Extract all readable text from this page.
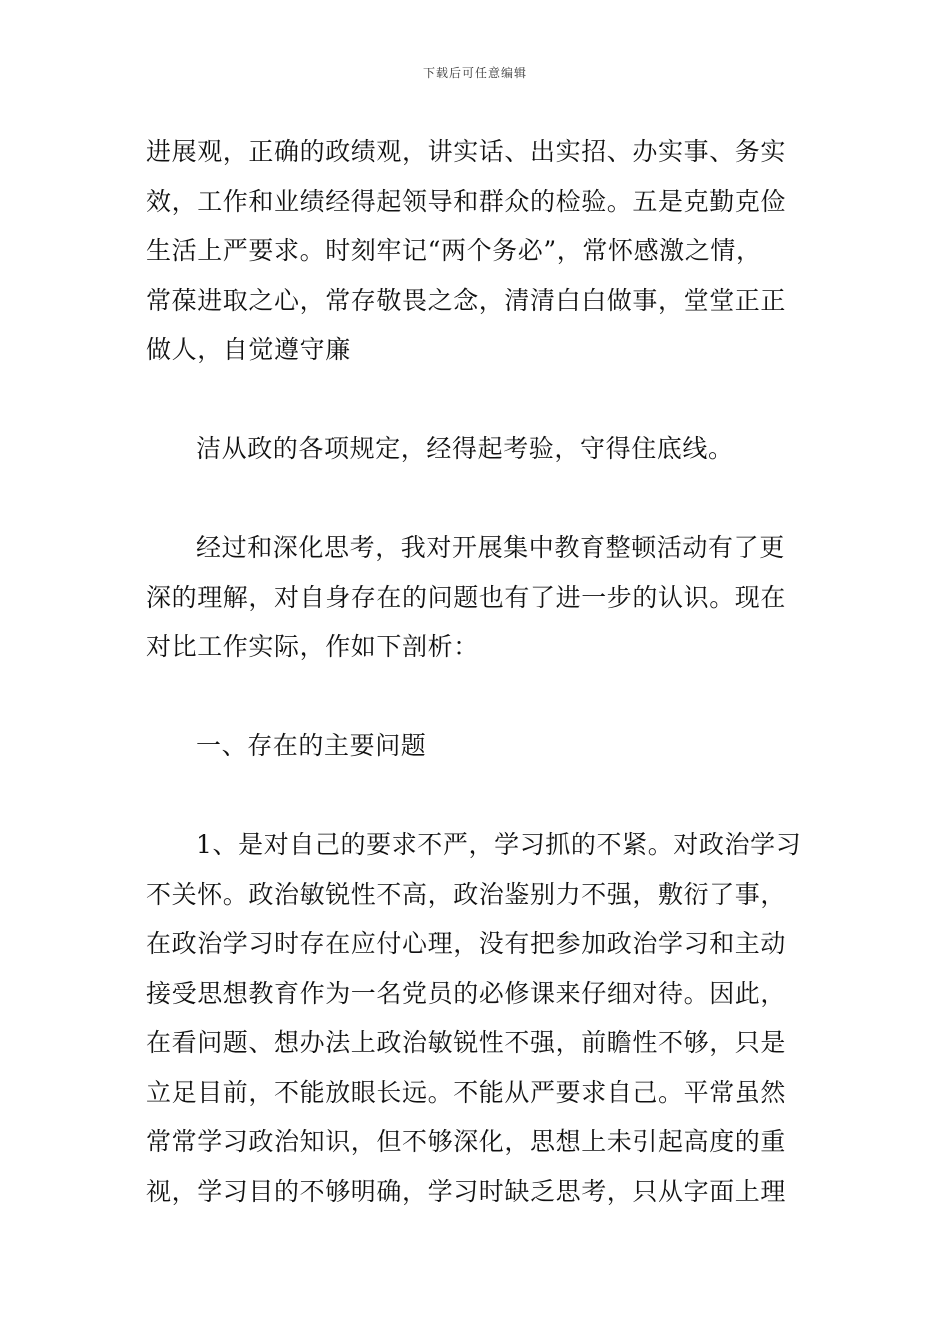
下载后可任意编辑
进展观，正确的政绩观，讲实话、出实招、办实事、务实
效，工作和业绩经得起领导和群众的检验。五是克勤克俭
生活上严要求。时刻牢记“两个务必”，常怀感激之情，
常葆进取之心，常存敬畏之念，清清白白做事，堂堂正正
做人，自觉遵守廉
洁从政的各项规定，经得起考验，守得住底线。
经过和深化思考，我对开展集中教育整顿活动有了更
深的理解，对自身存在的问题也有了进一步的认识。现在
对比工作实际，作如下剖析：
一、存在的主要问题
1、是对自己的要求不严，学习抓的不紧。对政治学习
不关怀。政治敏锐性不高，政治鉴别力不强，敷衍了事，
在政治学习时存在应付心理，没有把参加政治学习和主动
接受思想教育作为一名党员的必修课来仔细对待。因此，
在看问题、想办法上政治敏锐性不强，前瞻性不够，只是
立足目前，不能放眼长远。不能从严要求自己。平常虽然
常常学习政治知识，但不够深化，思想上未引起高度的重
视，学习目的不够明确，学习时缺乏思考，只从字面上理
